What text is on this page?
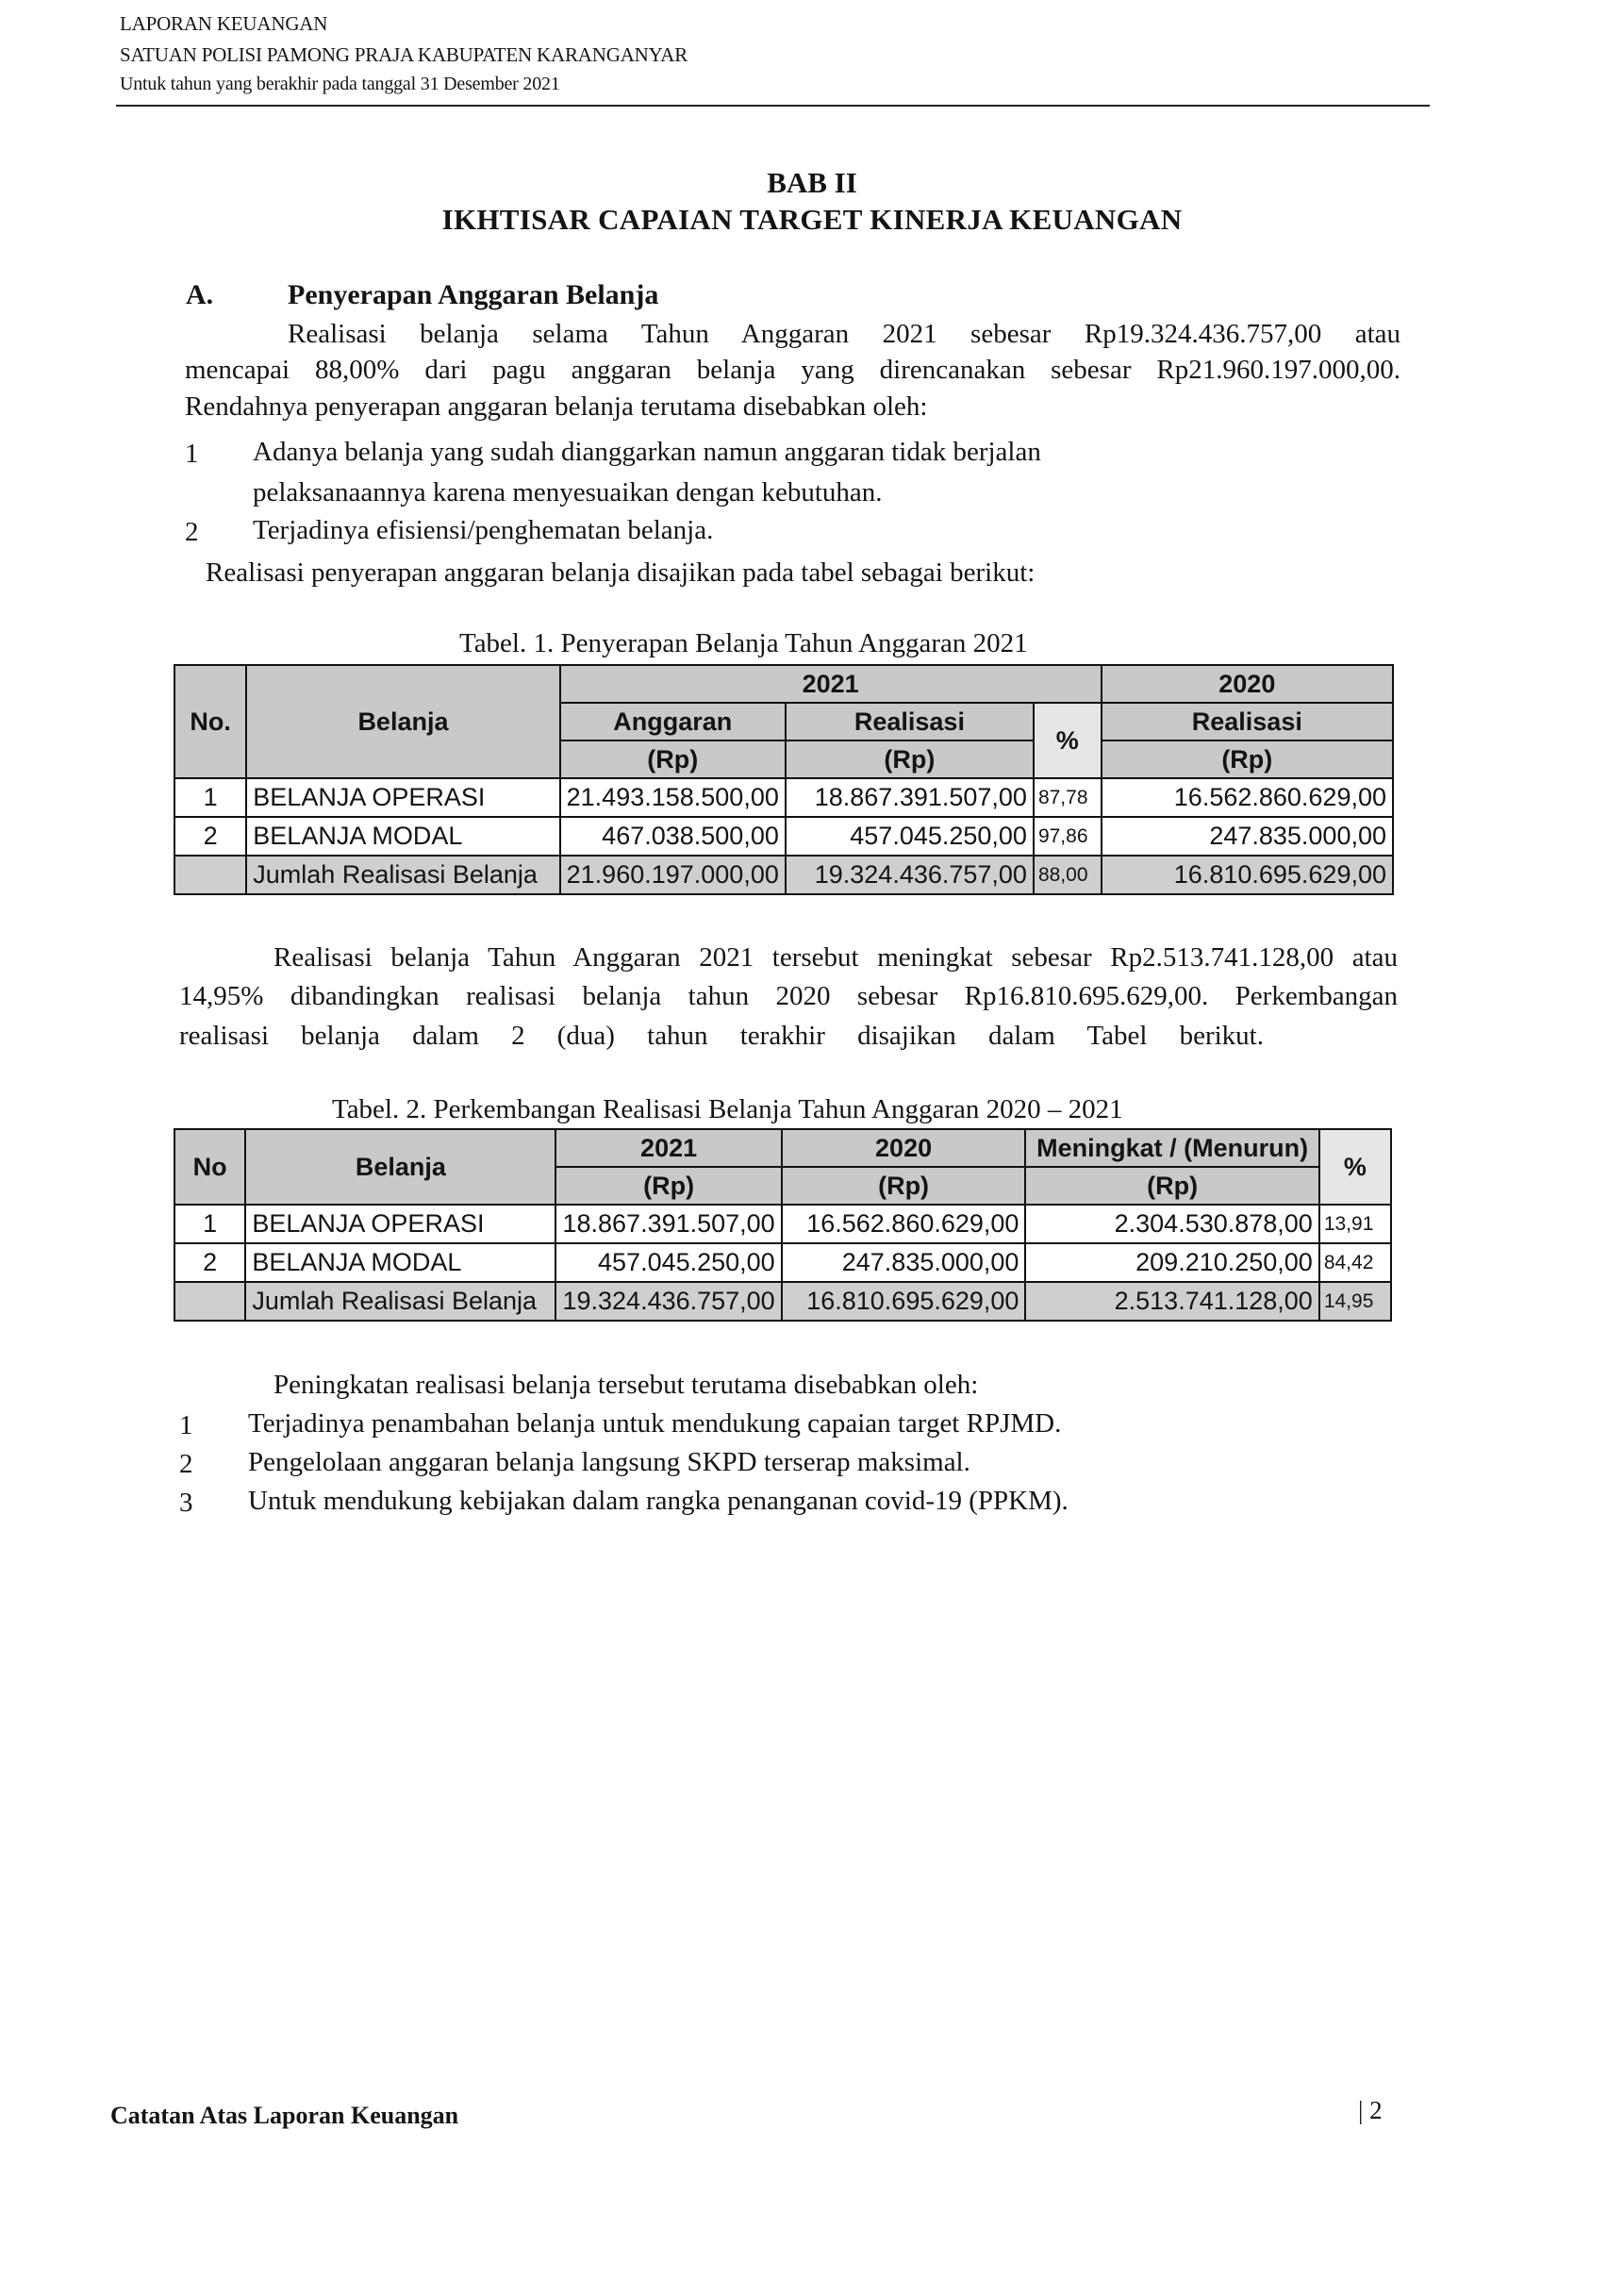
LAPORAN KEUANGAN
SATUAN POLISI PAMONG PRAJA KABUPATEN KARANGANYAR
Untuk tahun yang berakhir pada tanggal 31 Desember 2021
BAB II
IKHTISAR CAPAIAN TARGET KINERJA KEUANGAN
A.	Penyerapan Anggaran Belanja
Realisasi belanja selama Tahun Anggaran 2021 sebesar Rp19.324.436.757,00 atau
mencapai 88,00% dari pagu anggaran belanja yang direncanakan sebesar Rp21.960.197.000,00.
Rendahnya penyerapan anggaran belanja terutama disebabkan oleh:
1 Adanya belanja yang sudah dianggarkan namun anggaran tidak berjalan
pelaksanaannya karena menyesuaikan dengan kebutuhan.
2 Terjadinya efisiensi/penghematan belanja.
Realisasi penyerapan anggaran belanja disajikan pada tabel sebagai berikut:
Tabel. 1. Penyerapan Belanja Tahun Anggaran 2021
No.	Belanja	2021			2020
		Anggaran	Realisasi	%	Realisasi
		(Rp)	(Rp)		(Rp)
1	BELANJA OPERASI	21.493.158.500,00	18.867.391.507,00	87,78	16.562.860.629,00
2	BELANJA MODAL	467.038.500,00	457.045.250,00	97,86	247.835.000,00
	Jumlah Realisasi Belanja	21.960.197.000,00	19.324.436.757,00	88,00	16.810.695.629,00
Realisasi belanja Tahun Anggaran 2021 tersebut meningkat sebesar Rp2.513.741.128,00 atau
14,95% dibandingkan realisasi belanja tahun 2020 sebesar Rp16.810.695.629,00. Perkembangan
realisasi belanja dalam 2 (dua) tahun terakhir disajikan dalam Tabel berikut.
Tabel. 2. Perkembangan Realisasi Belanja Tahun Anggaran 2020 – 2021
No	Belanja	2021	2020	Meningkat / (Menurun)	%
		(Rp)	(Rp)	(Rp)	
1	BELANJA OPERASI	18.867.391.507,00	16.562.860.629,00	2.304.530.878,00	13,91
2	BELANJA MODAL	457.045.250,00	247.835.000,00	209.210.250,00	84,42
	Jumlah Realisasi Belanja	19.324.436.757,00	16.810.695.629,00	2.513.741.128,00	14,95
Peningkatan realisasi belanja tersebut terutama disebabkan oleh:
1 Terjadinya penambahan belanja untuk mendukung capaian target RPJMD.
2 Pengelolaan anggaran belanja langsung SKPD terserap maksimal.
3 Untuk mendukung kebijakan dalam rangka penanganan covid-19 (PPKM).
Catatan Atas Laporan Keuangan	| 2
